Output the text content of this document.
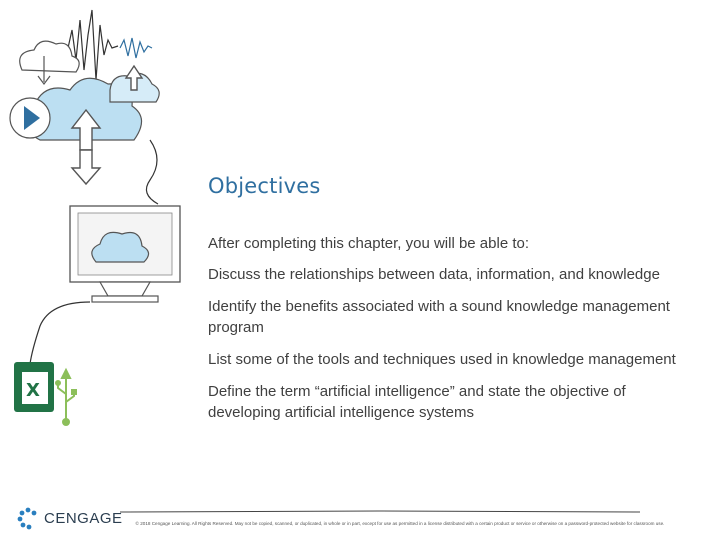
X
Objectives
After completing this chapter, you will be able to:
Discuss the relationships between data, information, and knowledge
Identify the benefits associated with a sound knowledge management program
List some of the tools and techniques used in knowledge management
Define the term “artificial intelligence” and state the objective of developing artificial intelligence systems
CENGAGE	© 2018 Cengage Learning. All Rights Reserved. May not be copied, scanned, or duplicated, in whole or in part, except for use as permitted in a license distributed with a certain product or service or otherwise on a password-protected website for classroom use.
